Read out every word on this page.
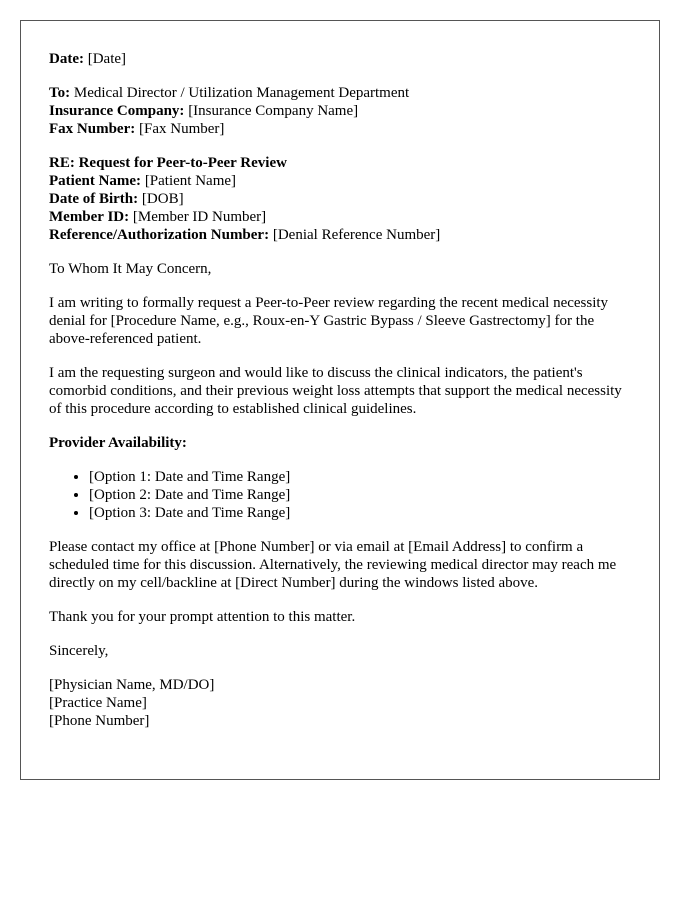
Date: [Date]
To: Medical Director / Utilization Management Department
Insurance Company: [Insurance Company Name]
Fax Number: [Fax Number]
RE: Request for Peer-to-Peer Review
Patient Name: [Patient Name]
Date of Birth: [DOB]
Member ID: [Member ID Number]
Reference/Authorization Number: [Denial Reference Number]

To Whom It May Concern,

I am writing to formally request a Peer-to-Peer review regarding the recent medical necessity denial for [Procedure Name, e.g., Roux-en-Y Gastric Bypass / Sleeve Gastrectomy] for the above-referenced patient.

I am the requesting surgeon and would like to discuss the clinical indicators, the patient's comorbid conditions, and their previous weight loss attempts that support the medical necessity of this procedure according to established clinical guidelines.

Provider Availability:

• [Option 1: Date and Time Range]
• [Option 2: Date and Time Range]
• [Option 3: Date and Time Range]

Please contact my office at [Phone Number] or via email at [Email Address] to confirm a scheduled time for this discussion. Alternatively, the reviewing medical director may reach me directly on my cell/backline at [Direct Number] during the windows listed above.

Thank you for your prompt attention to this matter.

Sincerely,

[Physician Name, MD/DO]
[Practice Name]
[Phone Number]
